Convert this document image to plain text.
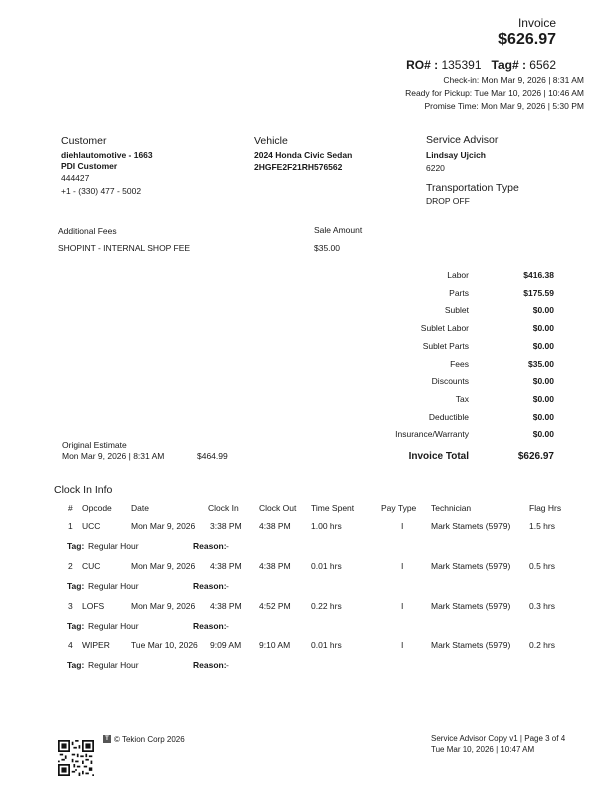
Invoice
$626.97
RO# : 135391 Tag# : 6562
Check-in: Mon Mar 9, 2026 | 8:31 AM
Ready for Pickup: Tue Mar 10, 2026 | 10:46 AM
Promise Time: Mon Mar 9, 2026 | 5:30 PM
Customer
diehlautomotive - 1663
PDI Customer
444427
+1 - (330) 477 - 5002
Vehicle
2024 Honda Civic Sedan
2HGFE2F21RH576562
Service Advisor
Lindsay Ujcich
6220
Transportation Type
DROP OFF
Additional Fees	Sale Amount
SHOPINT - INTERNAL SHOP FEE	$35.00
Labor	$416.38
Parts	$175.59
Sublet	$0.00
Sublet Labor	$0.00
Sublet Parts	$0.00
Fees	$35.00
Discounts	$0.00
Tax	$0.00
Deductible	$0.00
Insurance/Warranty	$0.00
Invoice Total	$626.97
Original Estimate
Mon Mar 9, 2026 | 8:31 AM	$464.99
Clock In Info
# Opcode Date	Clock In Clock Out Time Spent	Pay Type Technician	Flag Hrs
1 UCC	Mon Mar 9, 2026 3:38 PM 4:38 PM 1.00 hrs	I	Mark Stamets (5979) 1.5 hrs
Tag: Regular Hour	Reason: -
2 CUC	Mon Mar 9, 2026 4:38 PM 4:38 PM 0.01 hrs	I	Mark Stamets (5979) 0.5 hrs
Tag: Regular Hour	Reason: -
3 LOFS	Mon Mar 9, 2026 4:38 PM 4:52 PM 0.22 hrs	I	Mark Stamets (5979) 0.3 hrs
Tag: Regular Hour	Reason: -
4 WIPER Tue Mar 10, 2026 9:09 AM 9:10 AM 0.01 hrs	I	Mark Stamets (5979) 0.2 hrs
Tag: Regular Hour	Reason: -
T © Tekion Corp 2026	Service Advisor Copy v1 | Page 3 of 4
Tue Mar 10, 2026 | 10:47 AM
